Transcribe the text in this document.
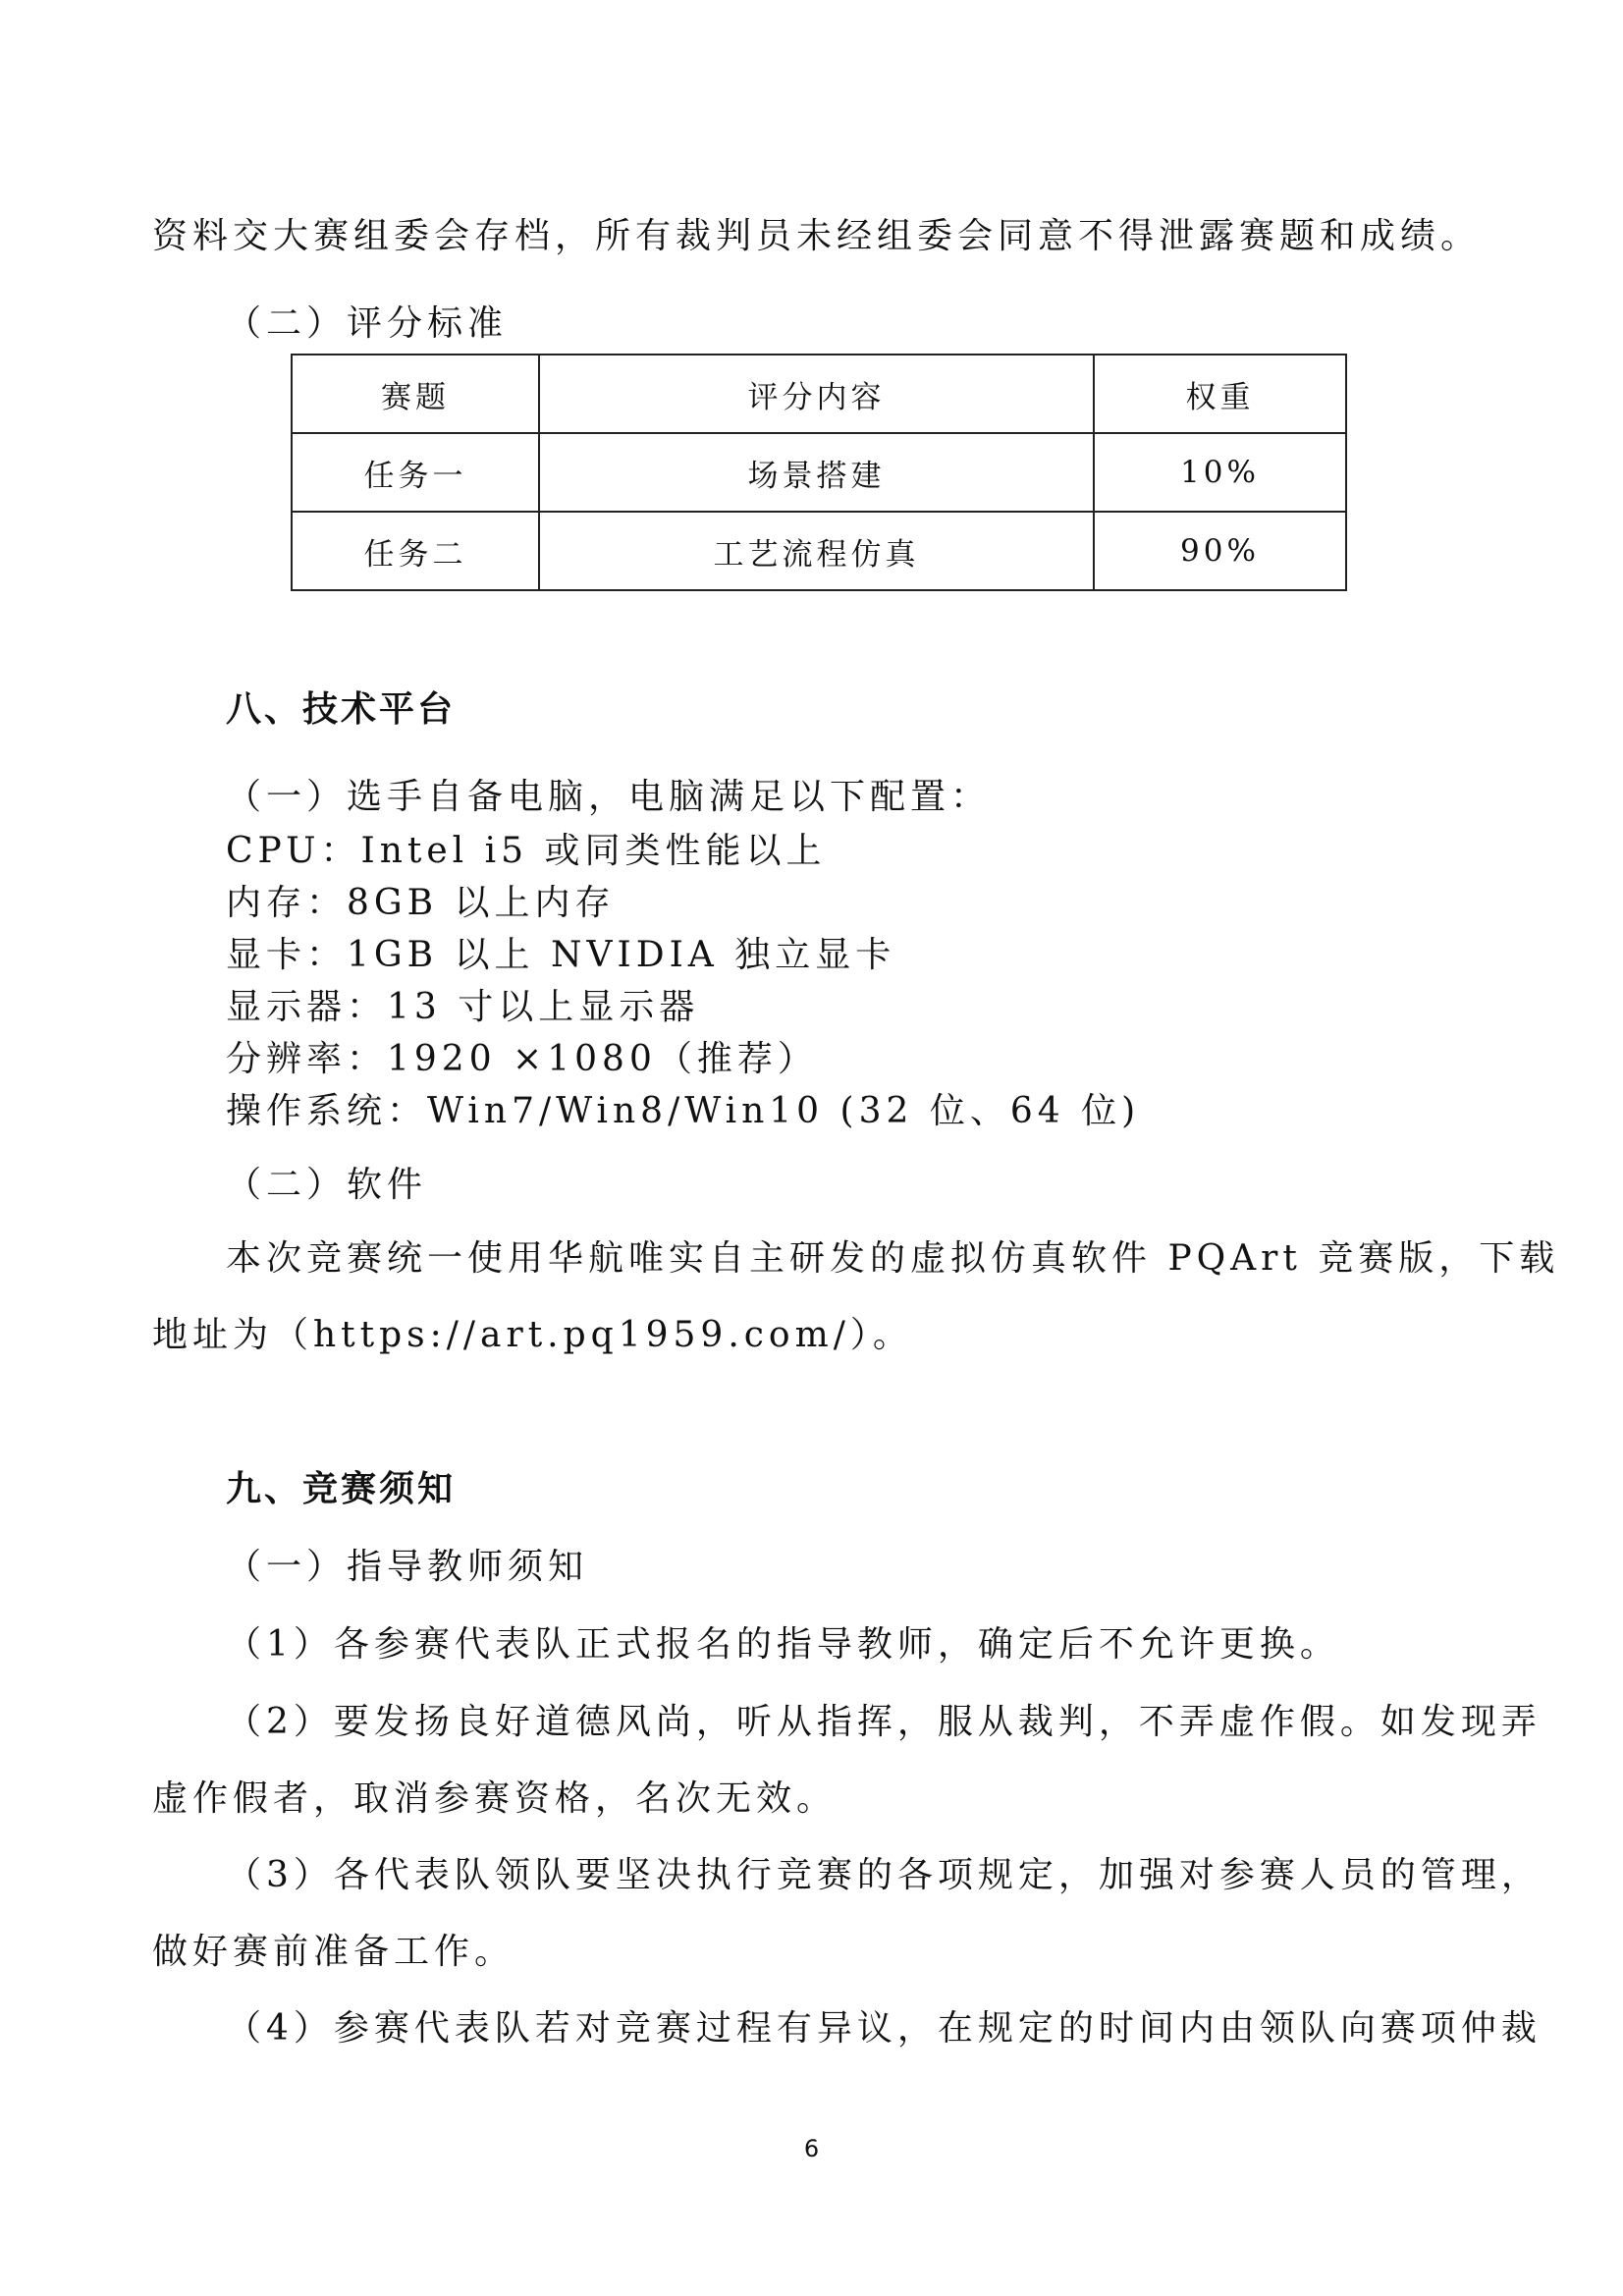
资料交大赛组委会存档，所有裁判员未经组委会同意不得泄露赛题和成绩。
（二）评分标准
赛题	评分内容	权重
任务一	场景搭建	10%
任务二	工艺流程仿真	90%
八、技术平台
（一）选手自备电脑，电脑满足以下配置：
CPU：Intel i5 或同类性能以上
内存：8GB 以上内存
显卡：1GB 以上 NVIDIA 独立显卡
显示器：13 寸以上显示器
分辨率：1920 ×1080（推荐）
操作系统：Win7/Win8/Win10 (32 位、64 位)
（二）软件
本次竞赛统一使用华航唯实自主研发的虚拟仿真软件 PQArt 竞赛版，下载
地址为（https://art.pq1959.com/）。
九、竞赛须知
（一）指导教师须知
（1）各参赛代表队正式报名的指导教师，确定后不允许更换。
（2）要发扬良好道德风尚，听从指挥，服从裁判，不弄虚作假。如发现弄
虚作假者，取消参赛资格，名次无效。
（3）各代表队领队要坚决执行竞赛的各项规定，加强对参赛人员的管理，
做好赛前准备工作。
（4）参赛代表队若对竞赛过程有异议，在规定的时间内由领队向赛项仲裁
6
